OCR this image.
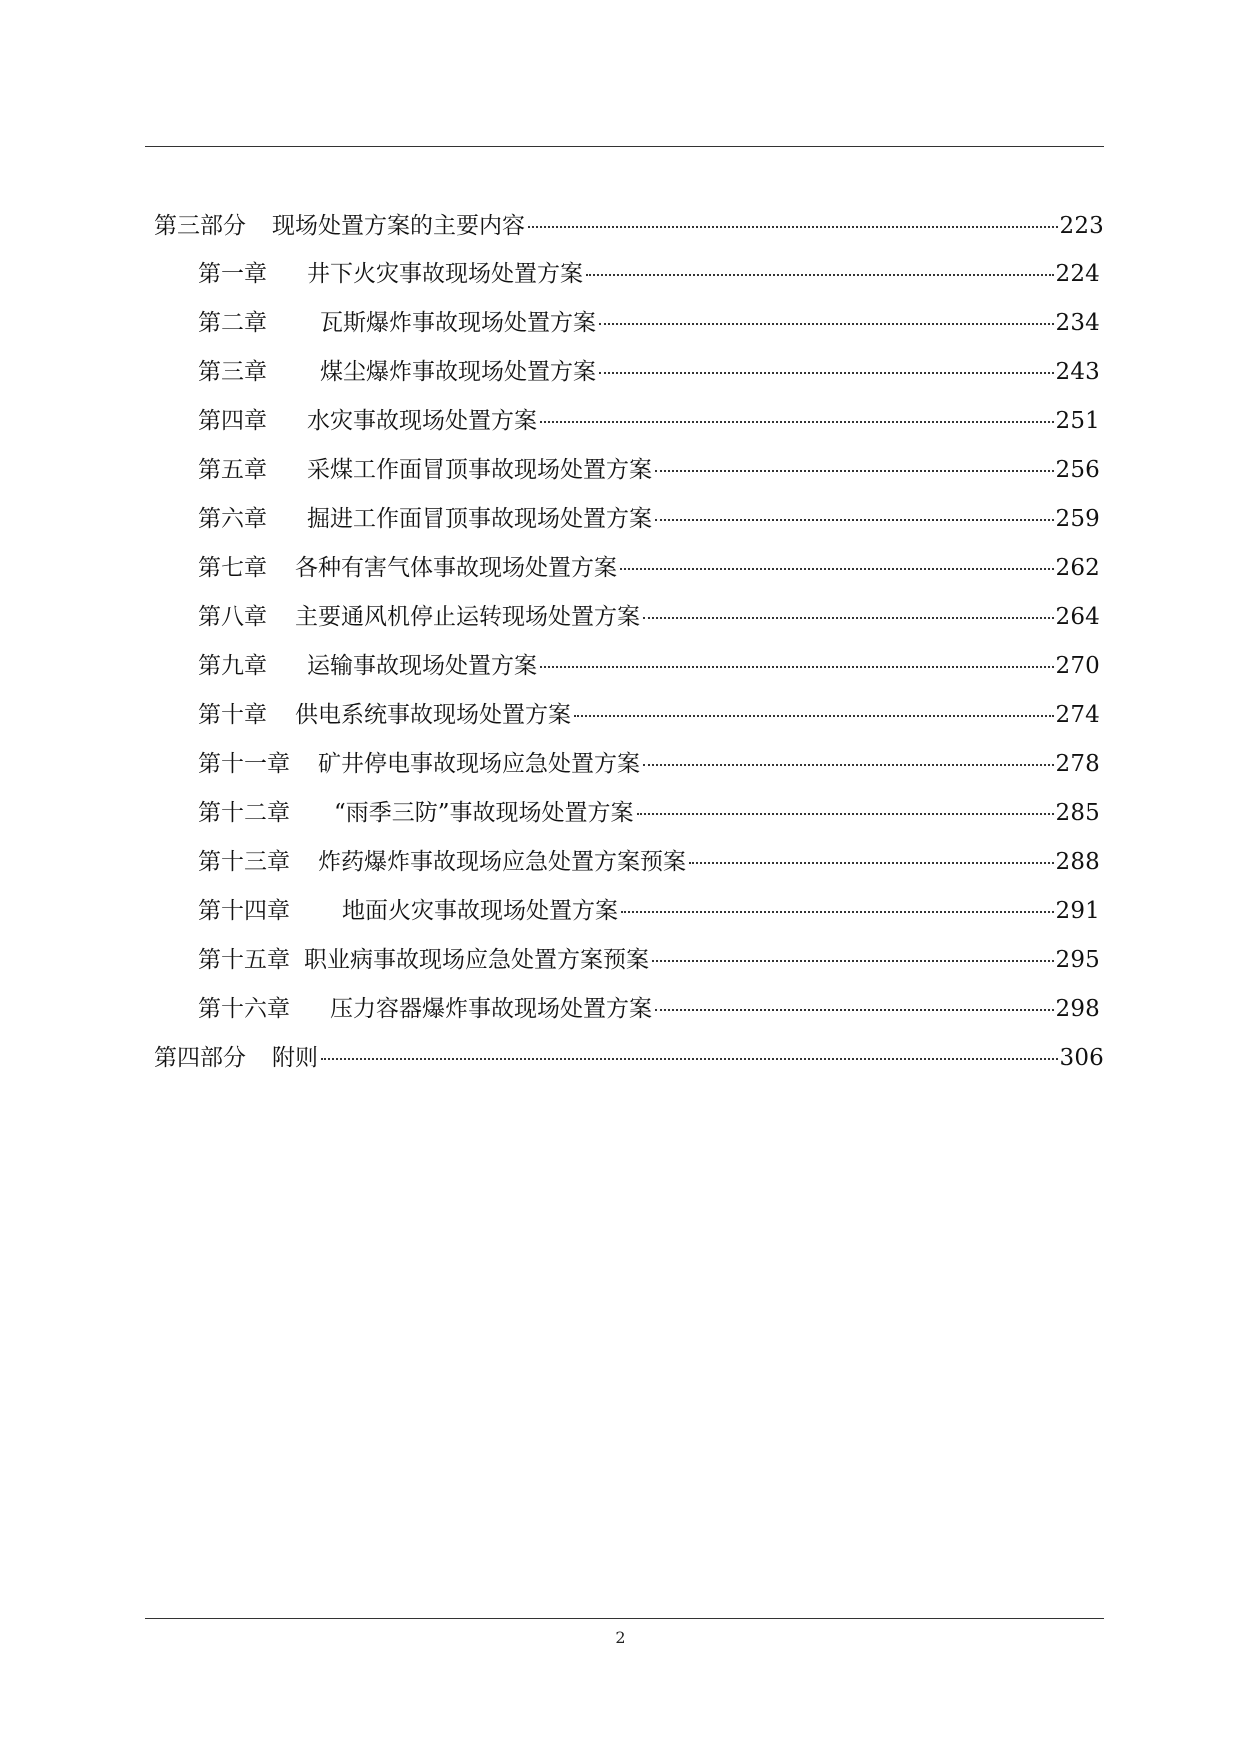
第三部分 现场处置方案的主要内容	223
第一章 井下火灾事故现场处置方案	224
第二章 瓦斯爆炸事故现场处置方案	234
第三章 煤尘爆炸事故现场处置方案	243
第四章 水灾事故现场处置方案	251
第五章 采煤工作面冒顶事故现场处置方案	256
第六章 掘进工作面冒顶事故现场处置方案	259
第七章 各种有害气体事故现场处置方案	262
第八章 主要通风机停止运转现场处置方案	264
第九章 运输事故现场处置方案	270
第十章 供电系统事故现场处置方案	274
第十一章 矿井停电事故现场应急处置方案	278
第十二章 “雨季三防”事故现场处置方案	285
第十三章 炸药爆炸事故现场应急处置方案预案	288
第十四章 地面火灾事故现场处置方案	291
第十五章 职业病事故现场应急处置方案预案	295
第十六章 压力容器爆炸事故现场处置方案	298
第四部分 附则	306
2
